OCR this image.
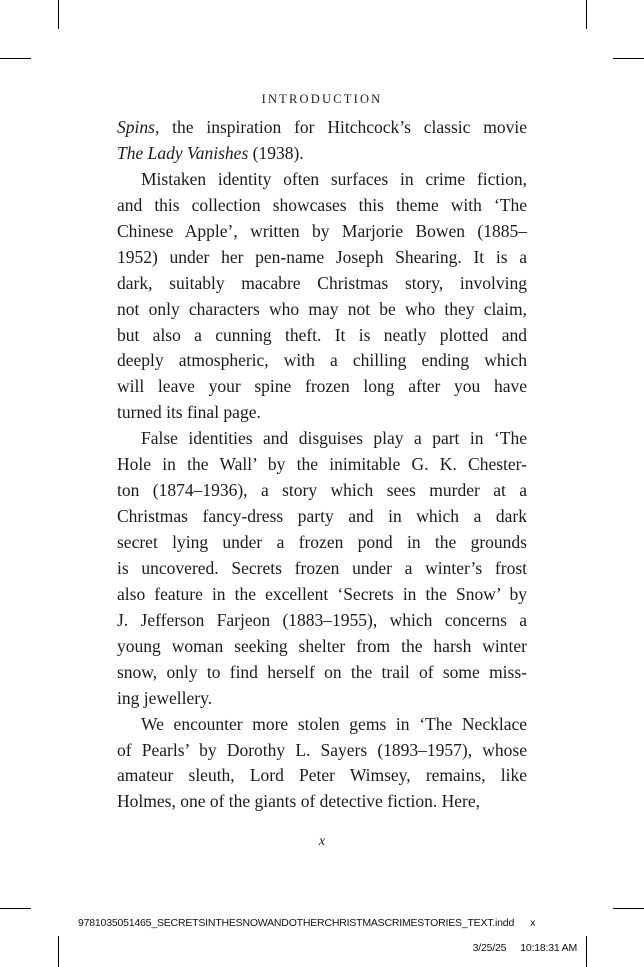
INTRODUCTION
Spins, the inspiration for Hitchcock’s classic movie
The Lady Vanishes (1938).
Mistaken identity often surfaces in crime fiction,
and this collection showcases this theme with ‘The
Chinese Apple’, written by Marjorie Bowen (1885–
1952) under her pen-name Joseph Shearing. It is a
dark, suitably macabre Christmas story, involving
not only characters who may not be who they claim,
but also a cunning theft. It is neatly plotted and
deeply atmospheric, with a chilling ending which
will leave your spine frozen long after you have
turned its final page.
False identities and disguises play a part in ‘The
Hole in the Wall’ by the inimitable G. K. Chester-
ton (1874–1936), a story which sees murder at a
Christmas fancy-dress party and in which a dark
secret lying under a frozen pond in the grounds
is uncovered. Secrets frozen under a winter’s frost
also feature in the excellent ‘Secrets in the Snow’ by
J. Jefferson Farjeon (1883–1955), which concerns a
young woman seeking shelter from the harsh winter
snow, only to find herself on the trail of some miss-
ing jewellery.
We encounter more stolen gems in ‘The Necklace
of Pearls’ by Dorothy L. Sayers (1893–1957), whose
amateur sleuth, Lord Peter Wimsey, remains, like
Holmes, one of the giants of detective fiction. Here,
x
9781035051465_SECRETSINTHESNOWANDOTHERCHRISTMASCRIMESTORIES_TEXT.indd x
3/25/25 10:18:31 AM
